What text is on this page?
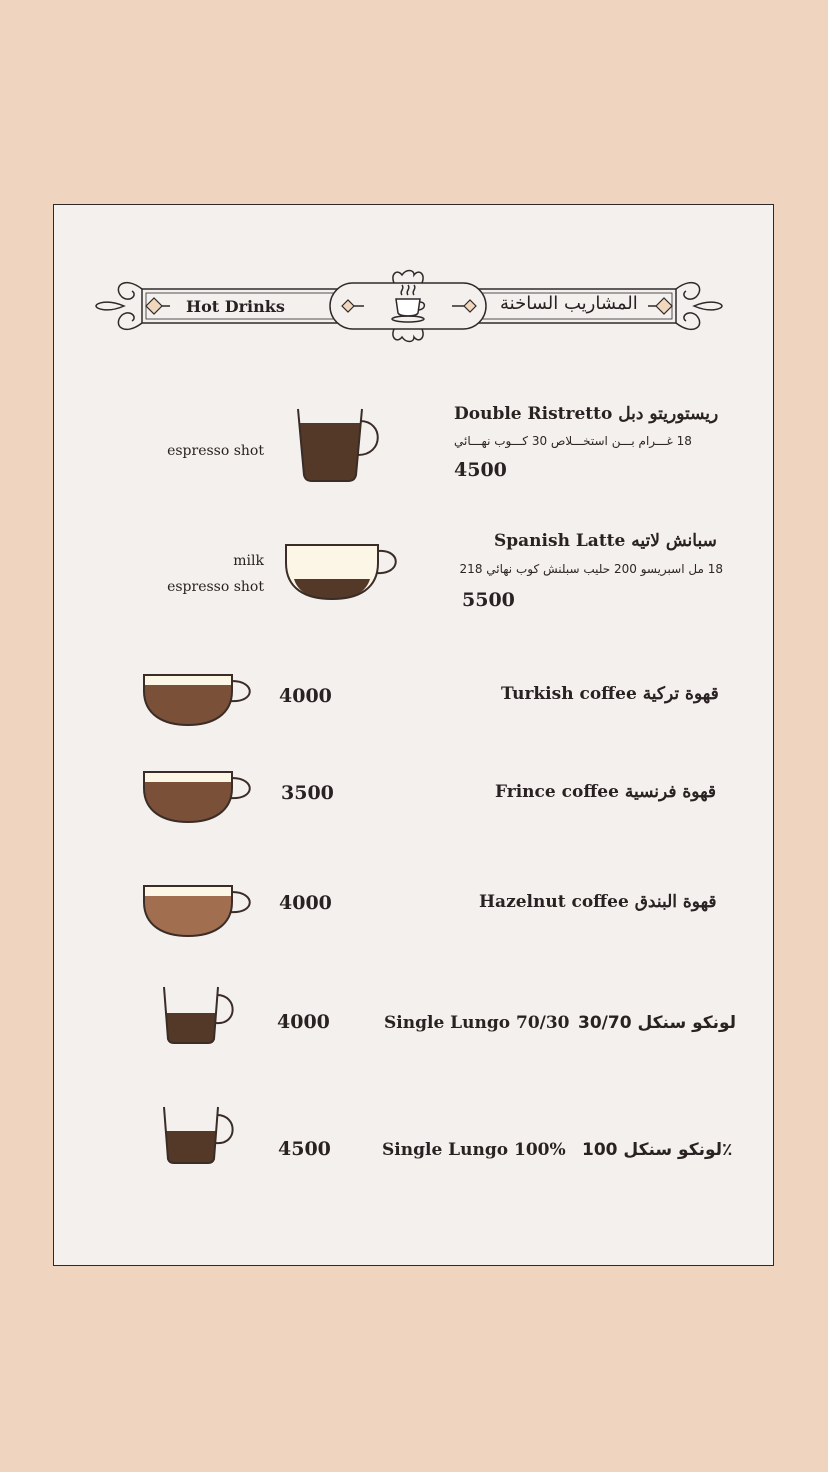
Hot Drinks	المشاريب الساخنة
Double Ristretto ريستوريتو دبل
18 غـــرام بـــن استخـــلاص 30 كـــوب نهـــائي
4500
espresso shot
Spanish Latte سبانش لاتيه
18 مل اسبريسو 200 حليب سبلنش كوب نهائي 218
5500
milk
espresso shot
Turkish coffee قهوة تركية
4000
Frince coffee قهوة فرنسية
3500
Hazelnut coffee قهوة البندق
4000
Single Lungo 70/30 لونكو سنكل 30/70
4000
Single Lungo 100% لونكو سنكل 100٪
4500
